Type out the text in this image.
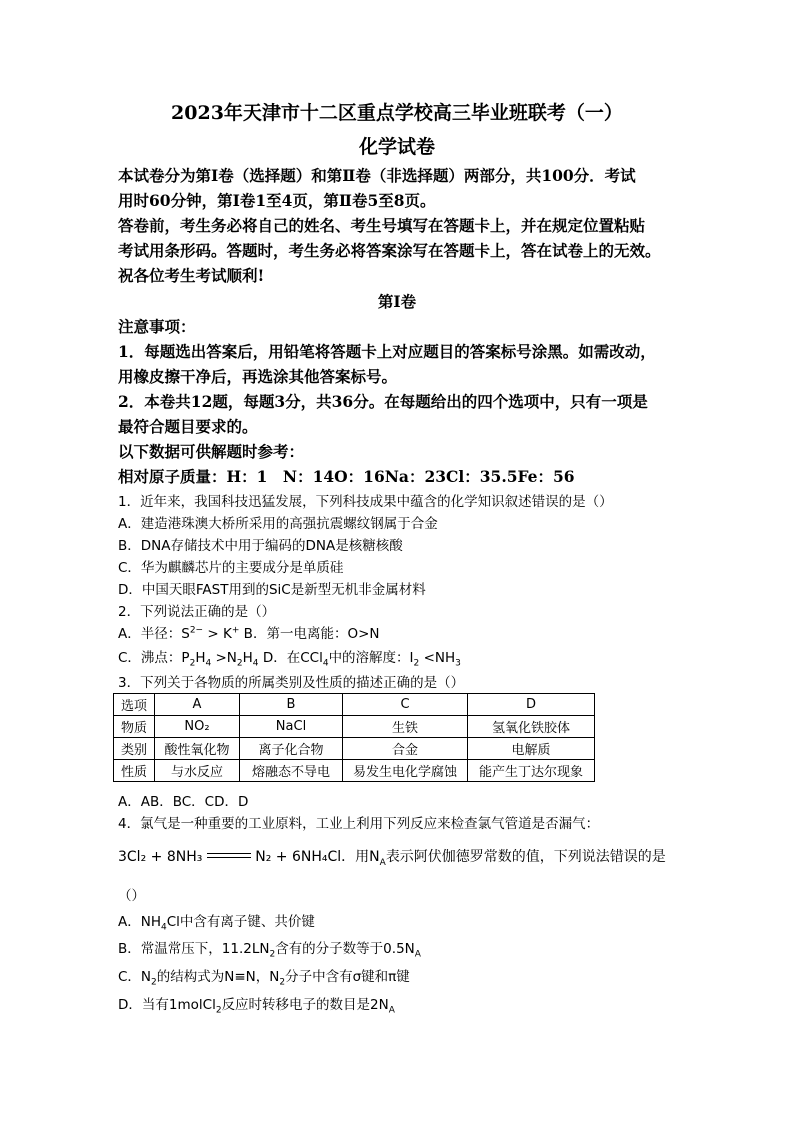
2023年天津市十二区重点学校高三毕业班联考（一）
化学试卷
本试卷分为第Ⅰ卷（选择题）和第Ⅱ卷（非选择题）两部分，共100分．考试
用时60分钟，第Ⅰ卷1至4页，第Ⅱ卷5至8页。
答卷前，考生务必将自己的姓名、考生号填写在答题卡上，并在规定位置粘贴
考试用条形码。答题时，考生务必将答案涂写在答题卡上，答在试卷上的无效。
祝各位考生考试顺利!
第Ⅰ卷
注意事项：
1．每题选出答案后，用铅笔将答题卡上对应题目的答案标号涂黑。如需改动，
用橡皮擦干净后，再选涂其他答案标号。
2．本卷共12题，每题3分，共36分。在每题给出的四个选项中，只有一项是
最符合题目要求的。
以下数据可供解题时参考：
相对原子质量：H：1　N：14O：16Na：23Cl：35.5Fe：56
1．近年来，我国科技迅猛发展，下列科技成果中蕴含的化学知识叙述错误的是（）
A．建造港珠澳大桥所采用的高强抗震螺纹钢属于合金
B．DNA存储技术中用于编码的DNA是核糖核酸
C．华为麒麟芯片的主要成分是单质硅
D．中国天眼FAST用到的SiC是新型无机非金属材料
2．下列说法正确的是（）
A．半径：$S^{2-} > K^+$ B．第一电离能：O>N
C．沸点：$P_2H_4 >N_2H_4$ D．在CCl$_4$中的溶解度：$I_2 <NH_3$
3．下列关于各物质的所属类别及性质的描述正确的是（）
选项	A	B	C	D
物质	NO₂	NaCl	生铁	氢氧化铁胶体
类别	酸性氧化物	离子化合物	合金	电解质
性质	与水反应	熔融态不导电	易发生电化学腐蚀	能产生丁达尔现象
A．AB．BC．CD．D
4．氯气是一种重要的工业原料，工业上利用下列反应来检查氯气管道是否漏气：
3Cl₂ + 8NH₃	N₂ + 6NH₄Cl．用$N_A$表示阿伏伽德罗常数的值，下列说法错误的是
（）
A．$NH_4Cl$中含有离子键、共价键
B．常温常压下，$11.2LN_2$含有的分子数等于$0.5N_A$
C．$N_2$的结构式为N≡N，$N_2$分子中含有σ键和π键
D．当有1molCl$_2$反应时转移电子的数目是$2N_A$
